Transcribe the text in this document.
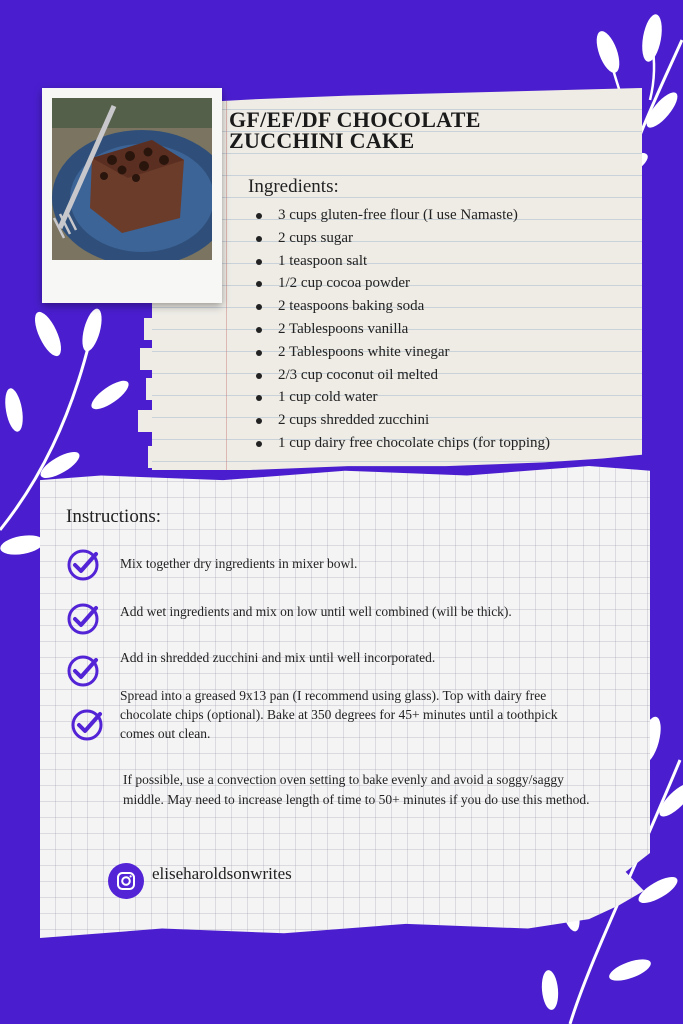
GF/EF/DF CHOCOLATE ZUCCHINI CAKE
Ingredients:
3 cups gluten-free flour (I use Namaste)
2 cups sugar
1 teaspoon salt
1/2 cup cocoa powder
2 teaspoons baking soda
2 Tablespoons vanilla
2 Tablespoons white vinegar
2/3 cup coconut oil melted
1 cup cold water
2 cups shredded zucchini
1 cup dairy free chocolate chips (for topping)
Instructions:
Mix together dry ingredients in mixer bowl.
Add wet ingredients and mix on low until well combined (will be thick).
Add in shredded zucchini and mix until well incorporated.
Spread into a greased 9x13 pan (I recommend using glass). Top with dairy free chocolate chips (optional). Bake at 350 degrees for 45+ minutes until a toothpick comes out clean.
If possible, use a convection oven setting to bake evenly and avoid a soggy/saggy middle. May need to increase length of time to 50+ minutes if you do use this method.
eliseharoldsonwrites
